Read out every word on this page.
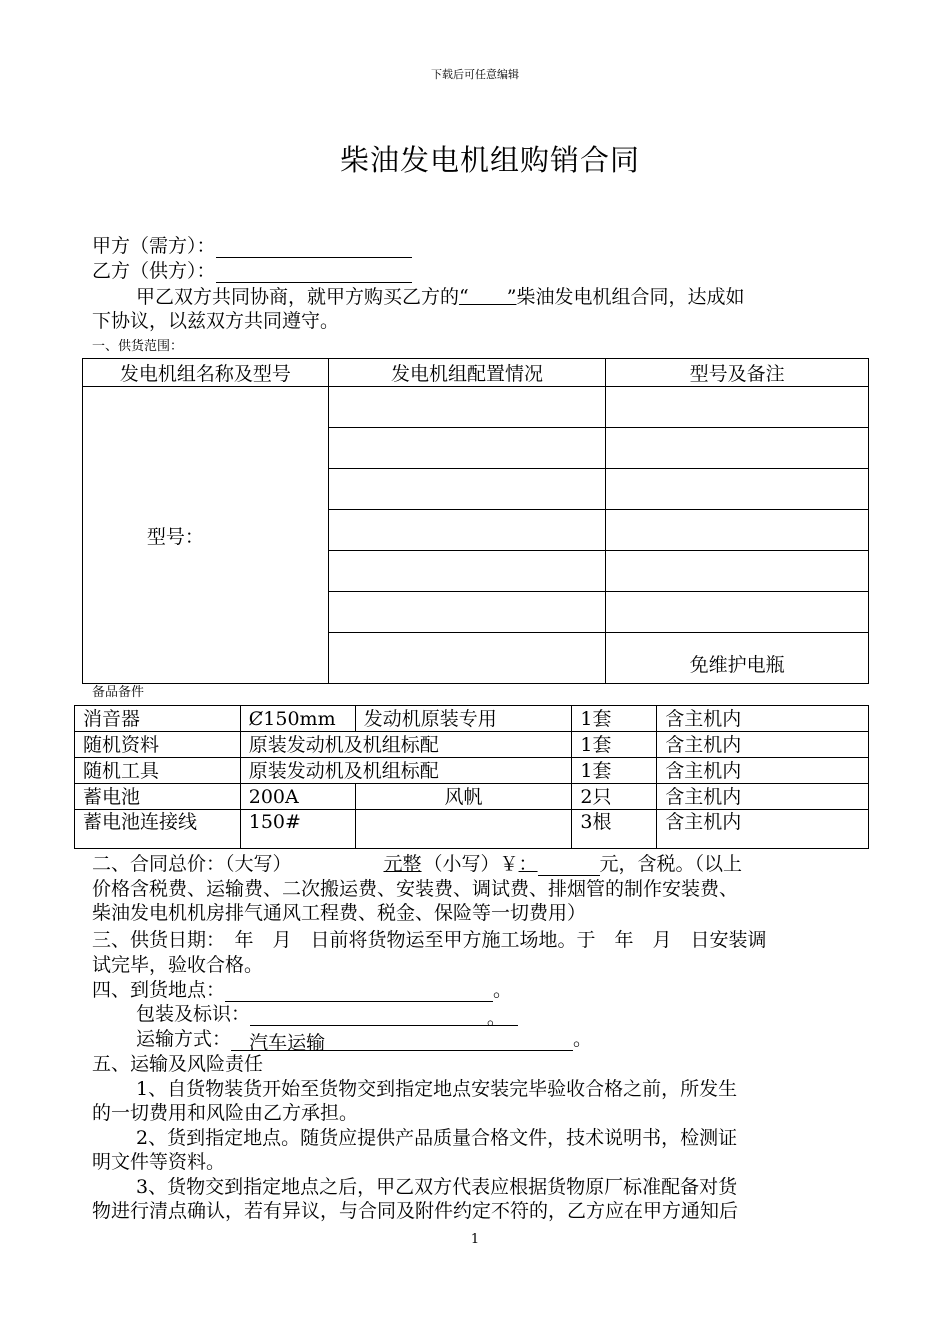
下载后可任意编辑
柴油发电机组购销合同
甲方（需方）：
乙方（供方）：
甲乙双方共同协商，就甲方购买乙方的“　　”柴油发电机组合同，达成如
下协议，以兹双方共同遵守。
一、供货范围：
发电机组名称及型号	发电机组配置情况	型号及备注
型号：		

		免维护电瓶
备品备件
消音器	Ȼ150mm	发动机原装专用	1套	含主机内
随机资料	原装发动机及机组标配		1套	含主机内
随机工具	原装发动机及机组标配		1套	含主机内
蓄电池	200A	风帆	2只	含主机内
蓄电池连接线	150#		3根	含主机内
二、合同总价：（大写）	元整 （小写）￥：	元，含税。（以上
价格含税费、运输费、二次搬运费、安装费、调试费、排烟管的制作安装费、
柴油发电机机房排气通风工程费、税金、保险等一切费用）
三、供货日期：　年　月　日前将货物运至甲方施工场地。于　年　月　日安装调
试完毕，验收合格。
四、到货地点：	。
包装及标识：	。
运输方式： 汽车运输	。
五、运输及风险责任
1、自货物装货开始至货物交到指定地点安装完毕验收合格之前，所发生
的一切费用和风险由乙方承担。
2、货到指定地点。随货应提供产品质量合格文件，技术说明书，检测证
明文件等资料。
3、货物交到指定地点之后，甲乙双方代表应根据货物原厂标准配备对货
物进行清点确认，若有异议，与合同及附件约定不符的，乙方应在甲方通知后
1
